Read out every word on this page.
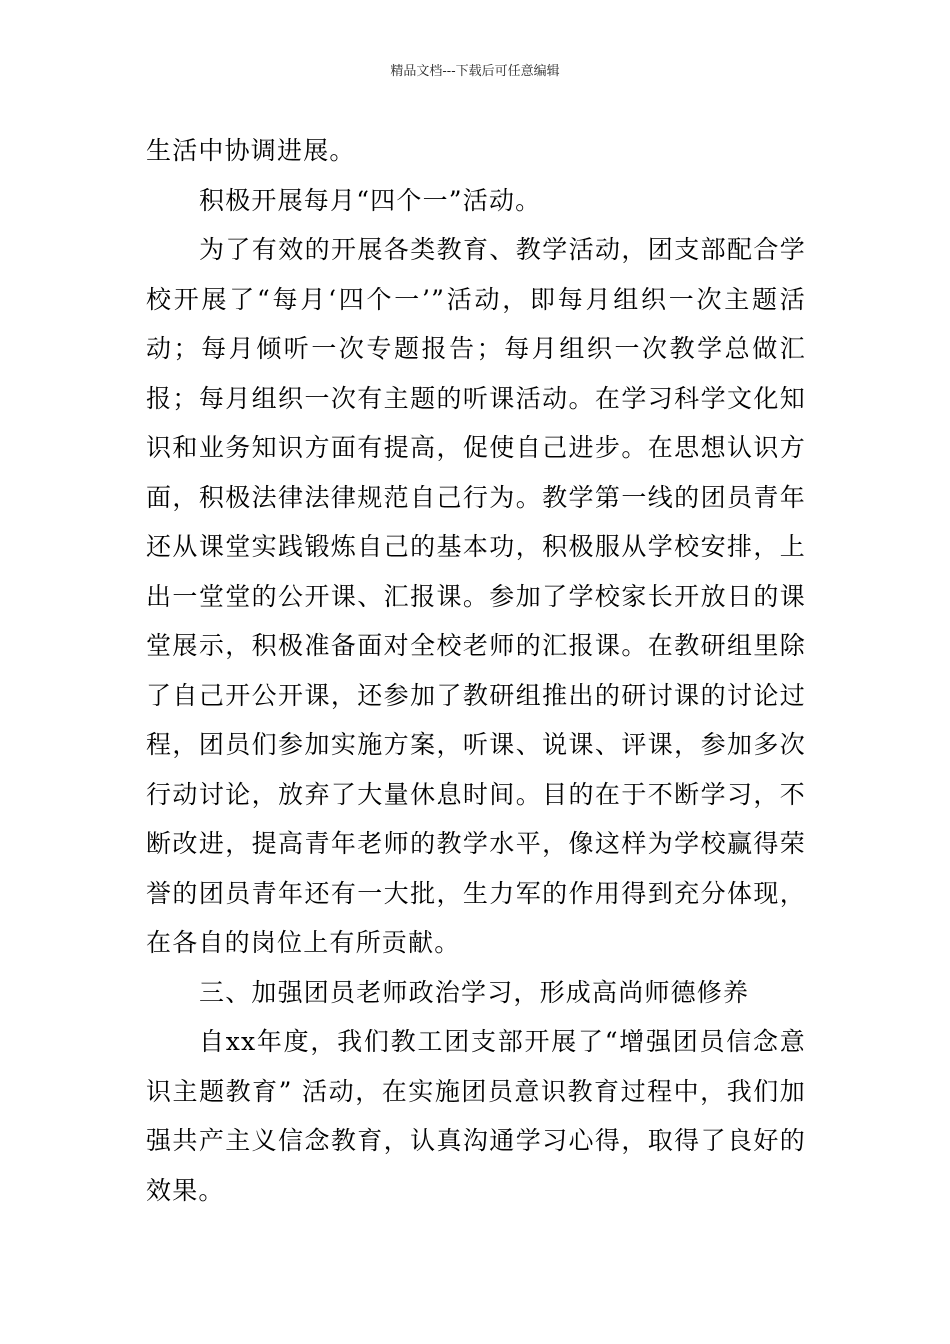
精品文档---下载后可任意编辑

生活中协调进展。

积极开展每月“四个一”活动。

为了有效的开展各类教育、教学活动，团支部配合学校开展了“每月‘四个一’”活动，即每月组织一次主题活动；每月倾听一次专题报告；每月组织一次教学总做汇报；每月组织一次有主题的听课活动。在学习科学文化知识和业务知识方面有提高，促使自己进步。在思想认识方面，积极法律法律规范自己行为。教学第一线的团员青年还从课堂实践锻炼自己的基本功，积极服从学校安排，上出一堂堂的公开课、汇报课。参加了学校家长开放日的课堂展示，积极准备面对全校老师的汇报课。在教研组里除了自己开公开课，还参加了教研组推出的研讨课的讨论过程，团员们参加实施方案，听课、说课、评课，参加多次行动讨论，放弃了大量休息时间。目的在于不断学习，不断改进，提高青年老师的教学水平，像这样为学校赢得荣誉的团员青年还有一大批，生力军的作用得到充分体现，在各自的岗位上有所贡献。

三、加强团员老师政治学习，形成高尚师德修养

自xx年度，我们教工团支部开展了“增强团员信念意识主题教育” 活动，在实施团员意识教育过程中，我们加强共产主义信念教育，认真沟通学习心得，取得了良好的效果。
